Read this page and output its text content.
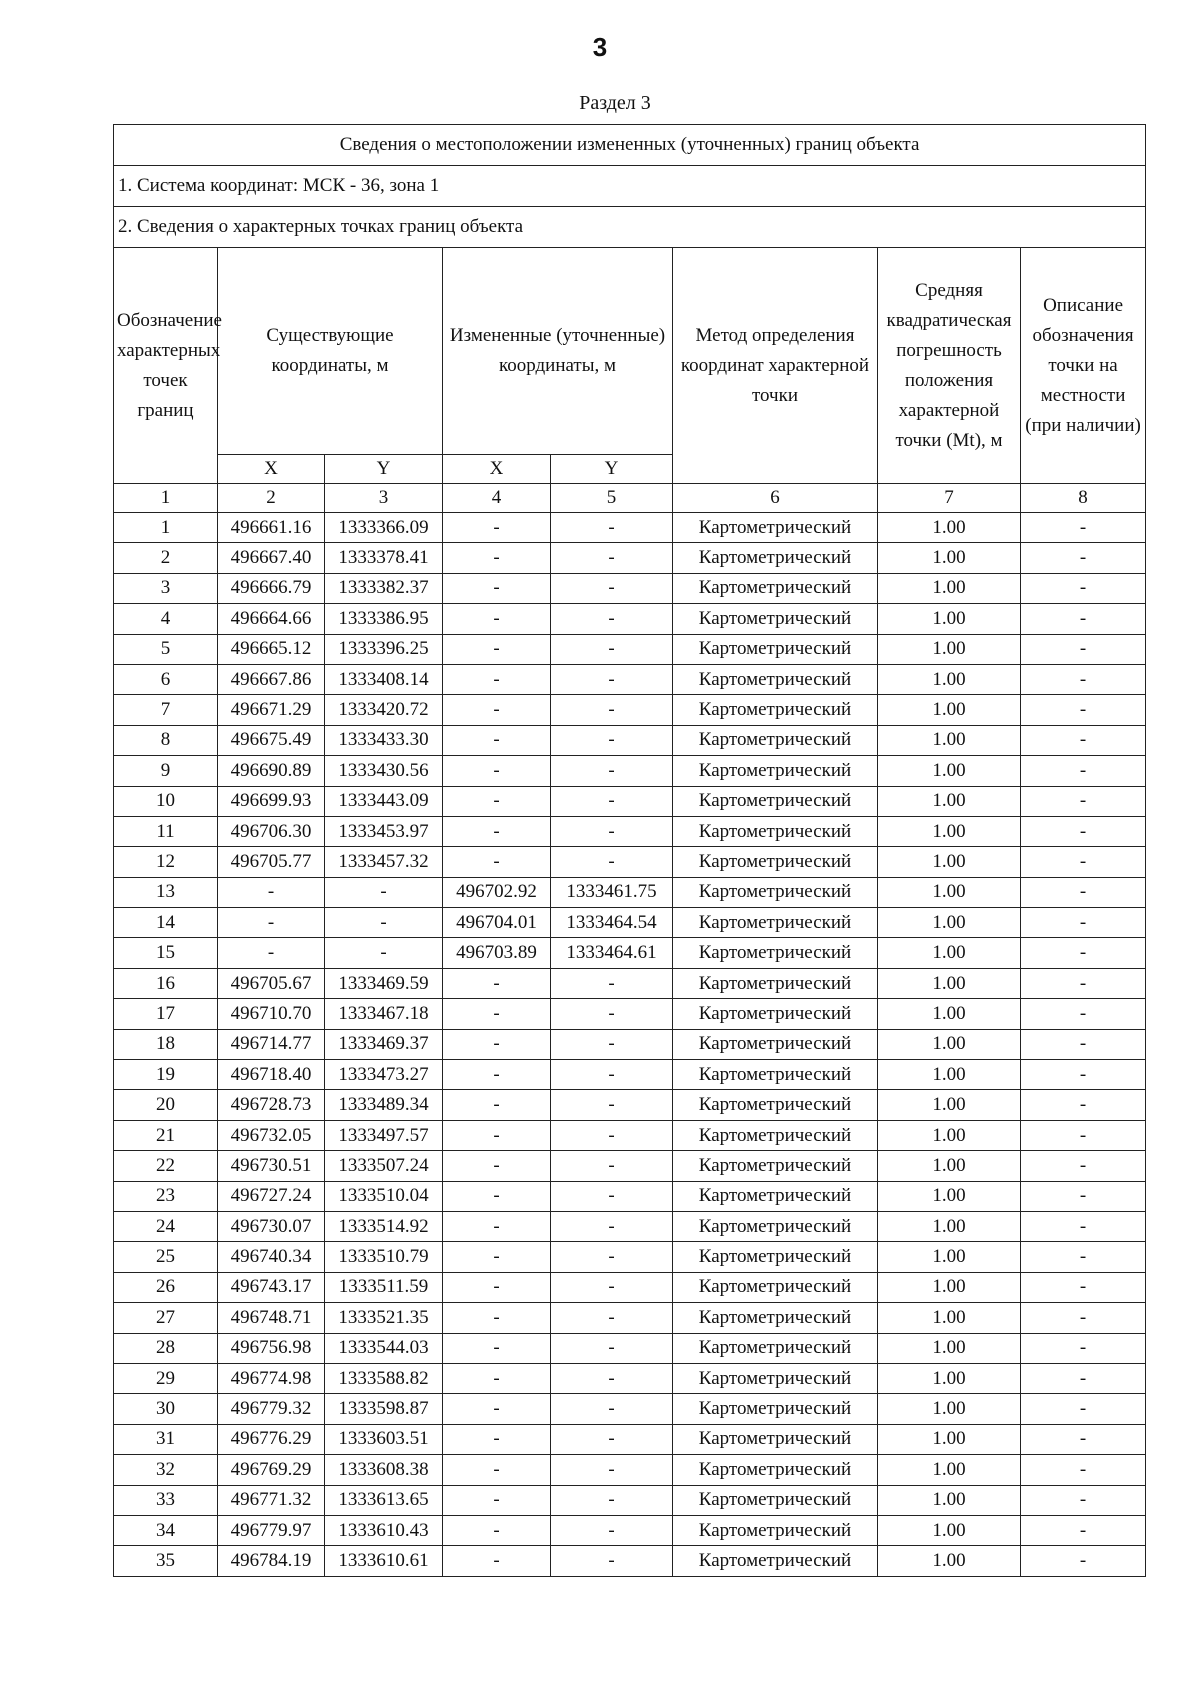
3
Раздел 3
Сведения о местоположении измененных (уточненных) границ объекта							
1. Система координат: МСК - 36, зона 1							
2. Сведения о характерных точках границ объекта							
Обозначение характерных точек границ	Существующие координаты, м		Измененные (уточненные) координаты, м		Метод определения координат характерной точки	Средняя квадратическая погрешность положения характерной точки (Mt), м	Описание обозначения точки на местности (при наличии)
	X	Y	X	Y			
1	2	3	4	5	6	7	8
1	496661.16	1333366.09	-	-	Картометрический	1.00	-
2	496667.40	1333378.41	-	-	Картометрический	1.00	-
3	496666.79	1333382.37	-	-	Картометрический	1.00	-
4	496664.66	1333386.95	-	-	Картометрический	1.00	-
5	496665.12	1333396.25	-	-	Картометрический	1.00	-
6	496667.86	1333408.14	-	-	Картометрический	1.00	-
7	496671.29	1333420.72	-	-	Картометрический	1.00	-
8	496675.49	1333433.30	-	-	Картометрический	1.00	-
9	496690.89	1333430.56	-	-	Картометрический	1.00	-
10	496699.93	1333443.09	-	-	Картометрический	1.00	-
11	496706.30	1333453.97	-	-	Картометрический	1.00	-
12	496705.77	1333457.32	-	-	Картометрический	1.00	-
13	-	-	496702.92	1333461.75	Картометрический	1.00	-
14	-	-	496704.01	1333464.54	Картометрический	1.00	-
15	-	-	496703.89	1333464.61	Картометрический	1.00	-
16	496705.67	1333469.59	-	-	Картометрический	1.00	-
17	496710.70	1333467.18	-	-	Картометрический	1.00	-
18	496714.77	1333469.37	-	-	Картометрический	1.00	-
19	496718.40	1333473.27	-	-	Картометрический	1.00	-
20	496728.73	1333489.34	-	-	Картометрический	1.00	-
21	496732.05	1333497.57	-	-	Картометрический	1.00	-
22	496730.51	1333507.24	-	-	Картометрический	1.00	-
23	496727.24	1333510.04	-	-	Картометрический	1.00	-
24	496730.07	1333514.92	-	-	Картометрический	1.00	-
25	496740.34	1333510.79	-	-	Картометрический	1.00	-
26	496743.17	1333511.59	-	-	Картометрический	1.00	-
27	496748.71	1333521.35	-	-	Картометрический	1.00	-
28	496756.98	1333544.03	-	-	Картометрический	1.00	-
29	496774.98	1333588.82	-	-	Картометрический	1.00	-
30	496779.32	1333598.87	-	-	Картометрический	1.00	-
31	496776.29	1333603.51	-	-	Картометрический	1.00	-
32	496769.29	1333608.38	-	-	Картометрический	1.00	-
33	496771.32	1333613.65	-	-	Картометрический	1.00	-
34	496779.97	1333610.43	-	-	Картометрический	1.00	-
35	496784.19	1333610.61	-	-	Картометрический	1.00	-
